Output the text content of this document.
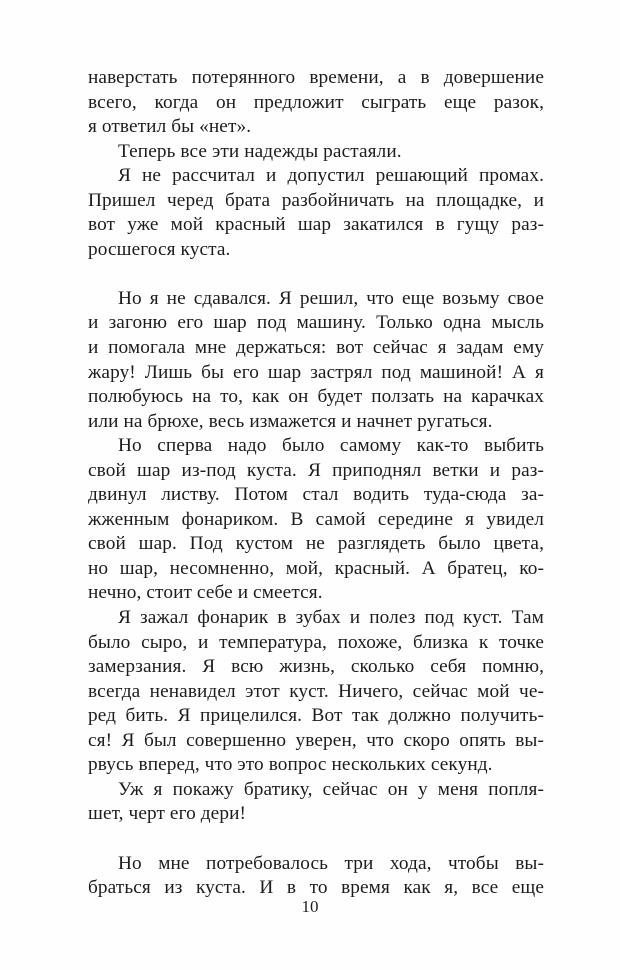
наверстать потерянного времени, а в довершение
всего, когда он предложит сыграть еще разок,
я ответил бы «нет».
Теперь все эти надежды растаяли.
Я не рассчитал и допустил решающий промах.
Пришел черед брата разбойничать на площадке, и
вот уже мой красный шар закатился в гущу раз-
росшегося куста.
Но я не сдавался. Я решил, что еще возьму свое
и загоню его шар под машину. Только одна мысль
и помогала мне держаться: вот сейчас я задам ему
жару! Лишь бы его шар застрял под машиной! А я
полюбуюсь на то, как он будет ползать на карачках
или на брюхе, весь измажется и начнет ругаться.
Но сперва надо было самому как-то выбить
свой шар из-под куста. Я приподнял ветки и раз-
двинул листву. Потом стал водить туда-сюда за-
жженным фонариком. В самой середине я увидел
свой шар. Под кустом не разглядеть было цвета,
но шар, несомненно, мой, красный. А братец, ко-
нечно, стоит себе и смеется.
Я зажал фонарик в зубах и полез под куст. Там
было сыро, и температура, похоже, близка к точке
замерзания. Я всю жизнь, сколько себя помню,
всегда ненавидел этот куст. Ничего, сейчас мой че-
ред бить. Я прицелился. Вот так должно получить-
ся! Я был совершенно уверен, что скоро опять вы-
рвусь вперед, что это вопрос нескольких секунд.
Уж я покажу братику, сейчас он у меня попля-
шет, черт его дери!
Но мне потребовалось три хода, чтобы вы-
браться из куста. И в то время как я, все еще
10
